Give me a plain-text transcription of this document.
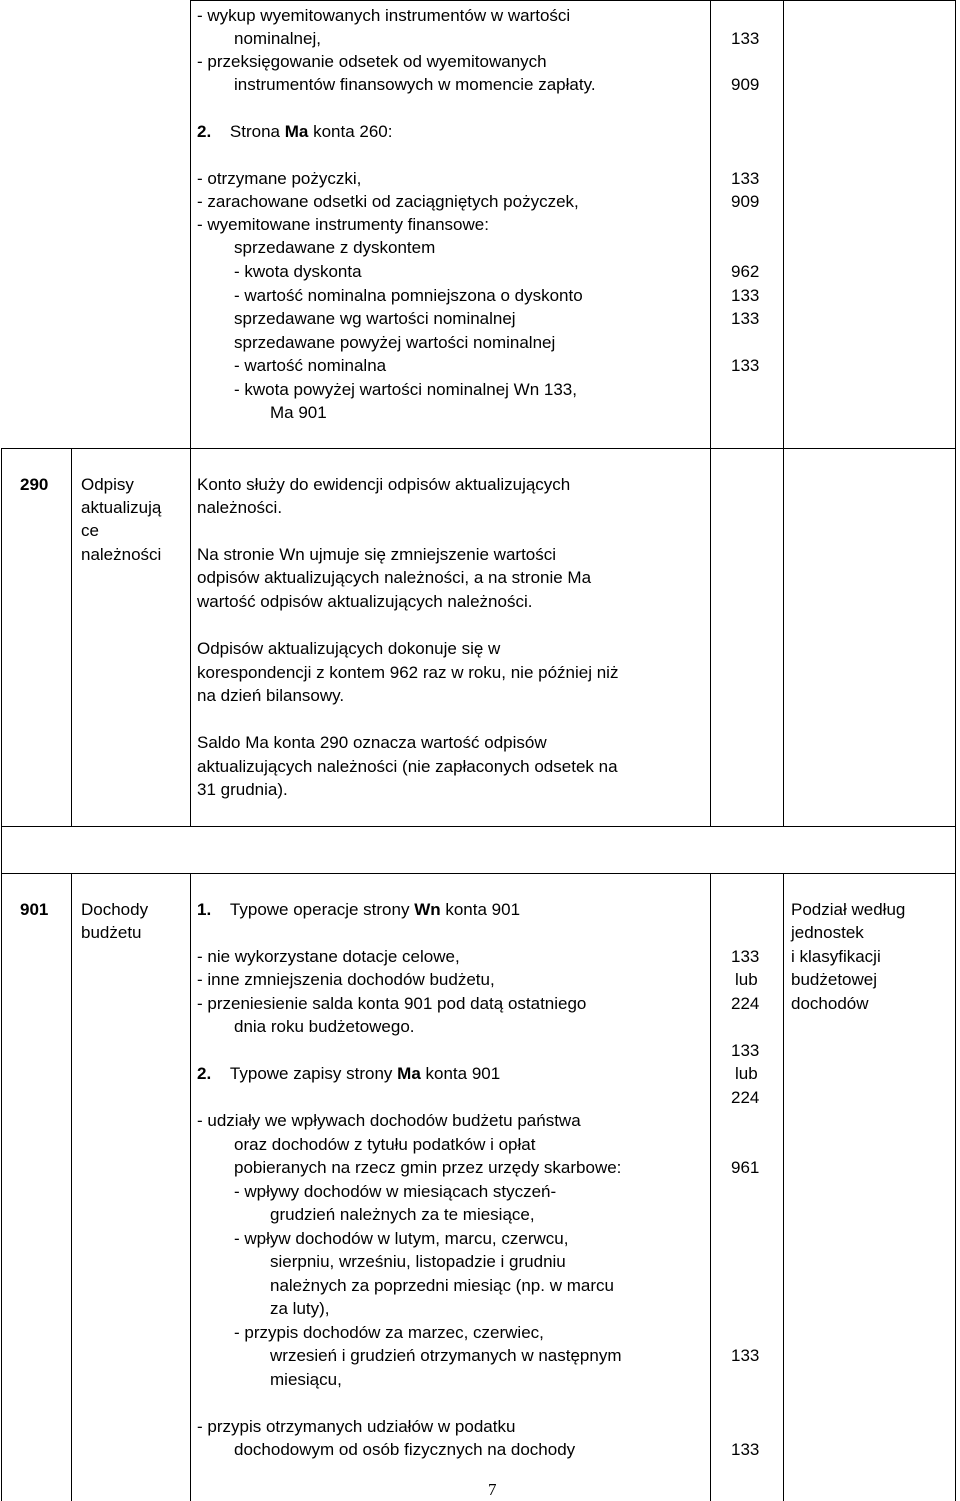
- wykup wyemitowanych instrumentów w wartości
nominalnej,
- przeksięgowanie odsetek od wyemitowanych
instrumentów finansowych w momencie zapłaty.
133
909
2. Strona Ma konta 260:
- otrzymane pożyczki,
- zarachowane odsetki od zaciągniętych pożyczek,
- wyemitowane instrumenty finansowe:
sprzedawane z dyskontem
- kwota dyskonta
- wartość nominalna pomniejszona o dyskonto
sprzedawane wg wartości nominalnej
sprzedawane powyżej wartości nominalnej
- wartość nominalna
- kwota powyżej wartości nominalnej Wn 133,
Ma 901
133
909
962
133
133
133
290 Odpisy
aktualizują
ce
należności
Konto służy do ewidencji odpisów aktualizujących
należności.
Na stronie Wn ujmuje się zmniejszenie wartości
odpisów aktualizujących należności, a na stronie Ma
wartość odpisów aktualizujących należności.
Odpisów aktualizujących dokonuje się w
korespondencji z kontem 962 raz w roku, nie później niż
na dzień bilansowy.
Saldo Ma konta 290 oznacza wartość odpisów
aktualizujących należności (nie zapłaconych odsetek na
31 grudnia).
901 Dochody
budżetu
1. Typowe operacje strony Wn konta 901
- nie wykorzystane dotacje celowe,
- inne zmniejszenia dochodów budżetu,
- przeniesienie salda konta 901 pod datą ostatniego
dnia roku budżetowego.
2. Typowe zapisy strony Ma konta 901
- udziały we wpływach dochodów budżetu państwa
oraz dochodów z tytułu podatków i opłat
pobieranych na rzecz gmin przez urzędy skarbowe:
- wpływy dochodów w miesiącach styczeń-
grudzień należnych za te miesiące,
- wpływ dochodów w lutym, marcu, czerwcu,
sierpniu, wrześniu, listopadzie i grudniu
należnych za poprzedni miesiąc (np. w marcu
za luty),
- przypis dochodów za marzec, czerwiec,
wrzesień i grudzień otrzymanych w następnym
miesiącu,
- przypis otrzymanych udziałów w podatku
dochodowym od osób fizycznych na dochody
133
lub
224
133
lub
224
961
133
133
Podział według
jednostek
i klasyfikacji
budżetowej
dochodów
7
